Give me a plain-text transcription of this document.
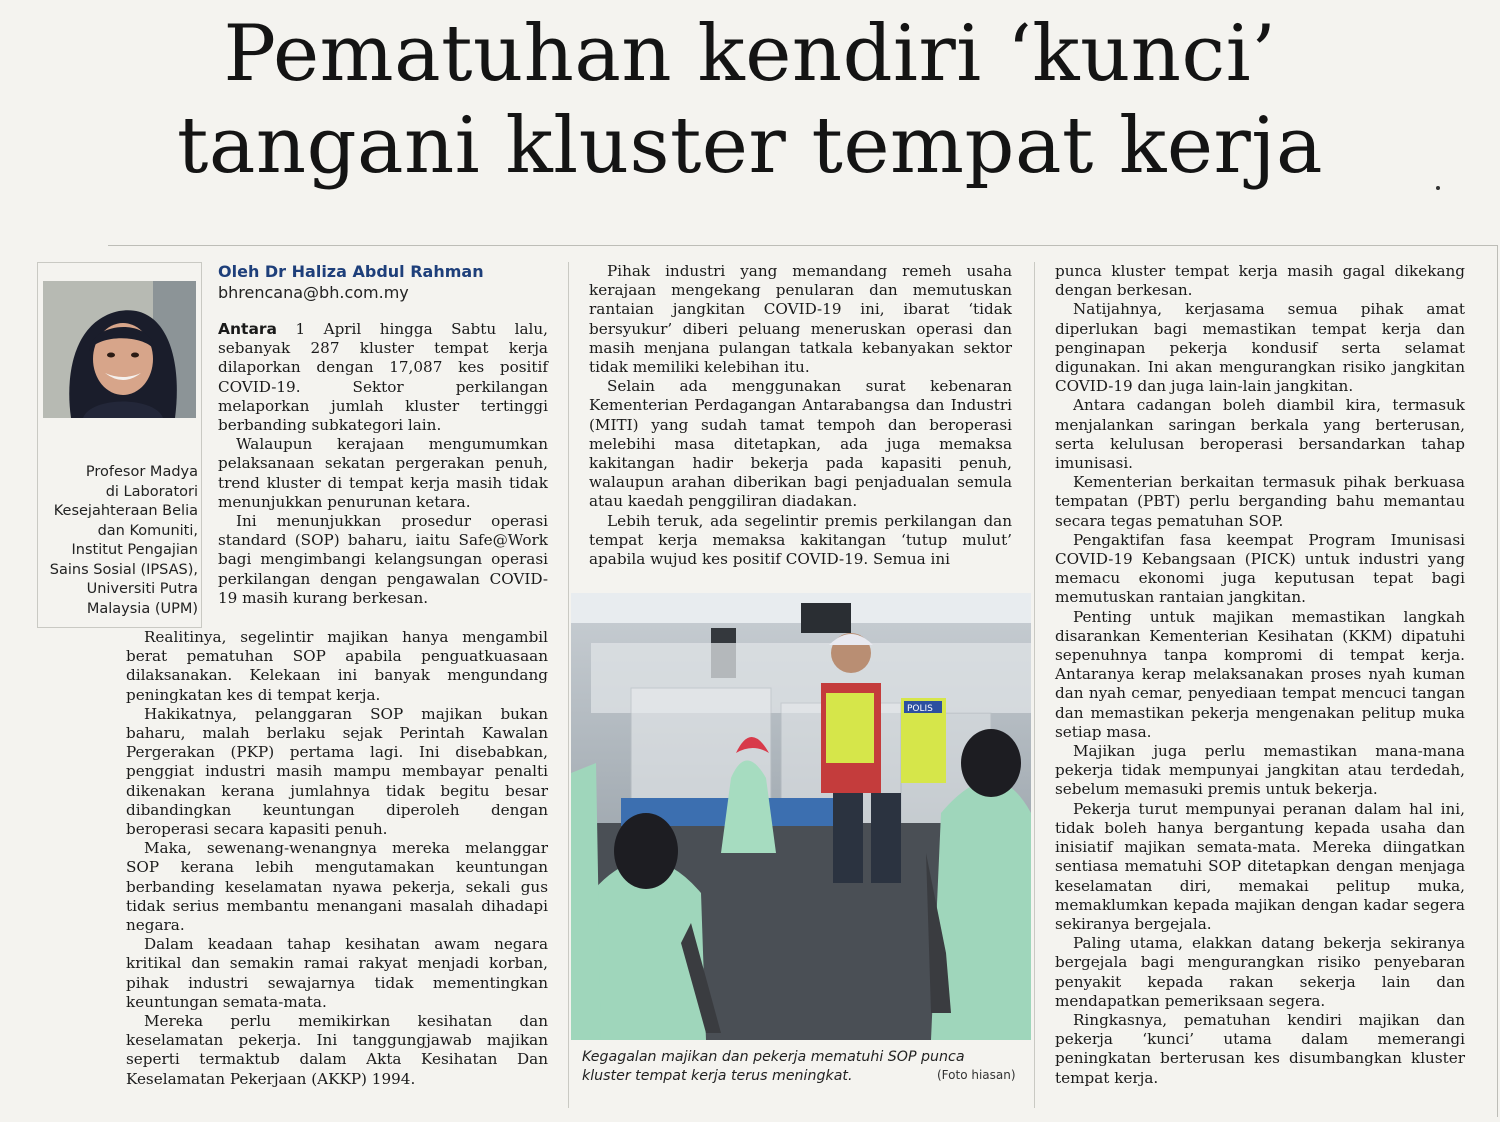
Pematuhan kendiri ‘kunci’
tangani kluster tempat kerja
Profesor Madya
di Laboratori
Kesejahteraan Belia
dan Komuniti,
Institut Pengajian
Sains Sosial (IPSAS),
Universiti Putra
Malaysia (UPM)
Oleh Dr Haliza Abdul Rahman
bhrencana@bh.com.my

Antara 1 April hingga Sabtu lalu, sebanyak 287 kluster tempat kerja dilaporkan dengan 17,087 kes positif COVID-19. Sektor perkilangan melaporkan jumlah kluster tertinggi berbanding subkategori lain.

Walaupun kerajaan mengumumkan pelaksanaan sekatan pergerakan penuh, trend kluster di tempat kerja masih tidak menunjukkan penurunan ketara.

Ini menunjukkan prosedur operasi standard (SOP) baharu, iaitu Safe@Work bagi mengimbangi kelangsungan operasi perkilangan dengan pengawalan COVID-19 masih kurang berkesan.

Realitinya, segelintir majikan hanya mengambil berat pematuhan SOP apabila penguatkuasaan dilaksanakan. Kelekaan ini banyak mengundang peningkatan kes di tempat kerja.

Hakikatnya, pelanggaran SOP majikan bukan baharu, malah berlaku sejak Perintah Kawalan Pergerakan (PKP) pertama lagi. Ini disebabkan, penggiat industri masih mampu membayar penalti dikenakan kerana jumlahnya tidak begitu besar dibandingkan keuntungan diperoleh dengan beroperasi secara kapasiti penuh.

Maka, sewenang-wenangnya mereka melanggar SOP kerana lebih mengutamakan keuntungan berbanding keselamatan nyawa pekerja, sekali gus tidak serius membantu menangani masalah dihadapi negara.

Dalam keadaan tahap kesihatan awam negara kritikal dan semakin ramai rakyat menjadi korban, pihak industri sewajarnya tidak mementingkan keuntungan semata-mata.

Mereka perlu memikirkan kesihatan dan keselamatan pekerja. Ini tanggungjawab majikan seperti termaktub dalam Akta Kesihatan Dan Keselamatan Pekerjaan (AKKP) 1994.

Pihak industri yang memandang remeh usaha kerajaan mengekang penularan dan memutuskan rantaian jangkitan COVID-19 ini, ibarat ‘tidak bersyukur’ diberi peluang meneruskan operasi dan masih menjana pulangan tatkala kebanyakan sektor tidak memiliki kelebihan itu.

Selain ada menggunakan surat kebenaran Kementerian Perdagangan Antarabangsa dan Industri (MITI) yang sudah tamat tempoh dan beroperasi melebihi masa ditetapkan, ada juga memaksa kakitangan hadir bekerja pada kapasiti penuh, walaupun arahan diberikan bagi penjadualan semula atau kaedah penggiliran diadakan.

Lebih teruk, ada segelintir premis perkilangan dan tempat kerja memaksa kakitangan ‘tutup mulut’ apabila wujud kes positif COVID-19. Semua ini

POLIS
Kegagalan majikan dan pekerja mematuhi SOP punca kluster tempat kerja terus meningkat.	(Foto hiasan)

punca kluster tempat kerja masih gagal dikekang dengan berkesan.

Natijahnya, kerjasama semua pihak amat diperlukan bagi memastikan tempat kerja dan penginapan pekerja kondusif serta selamat digunakan. Ini akan mengurangkan risiko jangkitan COVID-19 dan juga lain-lain jangkitan.

Antara cadangan boleh diambil kira, termasuk menjalankan saringan berkala yang berterusan, serta kelulusan beroperasi bersandarkan tahap imunisasi.

Kementerian berkaitan termasuk pihak berkuasa tempatan (PBT) perlu berganding bahu memantau secara tegas pematuhan SOP.

Pengaktifan fasa keempat Program Imunisasi COVID-19 Kebangsaan (PICK) untuk industri yang memacu ekonomi juga keputusan tepat bagi memutuskan rantaian jangkitan.

Penting untuk majikan memastikan langkah disarankan Kementerian Kesihatan (KKM) dipatuhi sepenuhnya tanpa kompromi di tempat kerja. Antaranya kerap melaksanakan proses nyah kuman dan nyah cemar, penyediaan tempat mencuci tangan dan memastikan pekerja mengenakan pelitup muka setiap masa.

Majikan juga perlu memastikan mana-mana pekerja tidak mempunyai jangkitan atau terdedah, sebelum memasuki premis untuk bekerja.

Pekerja turut mempunyai peranan dalam hal ini, tidak boleh hanya bergantung kepada usaha dan inisiatif majikan semata-mata. Mereka diingatkan sentiasa mematuhi SOP ditetapkan dengan menjaga keselamatan diri, memakai pelitup muka, memaklumkan kepada majikan dengan kadar segera sekiranya bergejala.

Paling utama, elakkan datang bekerja sekiranya bergejala bagi mengurangkan risiko penyebaran penyakit kepada rakan sekerja lain dan mendapatkan pemeriksaan segera.

Ringkasnya, pematuhan kendiri majikan dan pekerja ‘kunci’ utama dalam memerangi peningkatan berterusan kes disumbangkan kluster tempat kerja.
